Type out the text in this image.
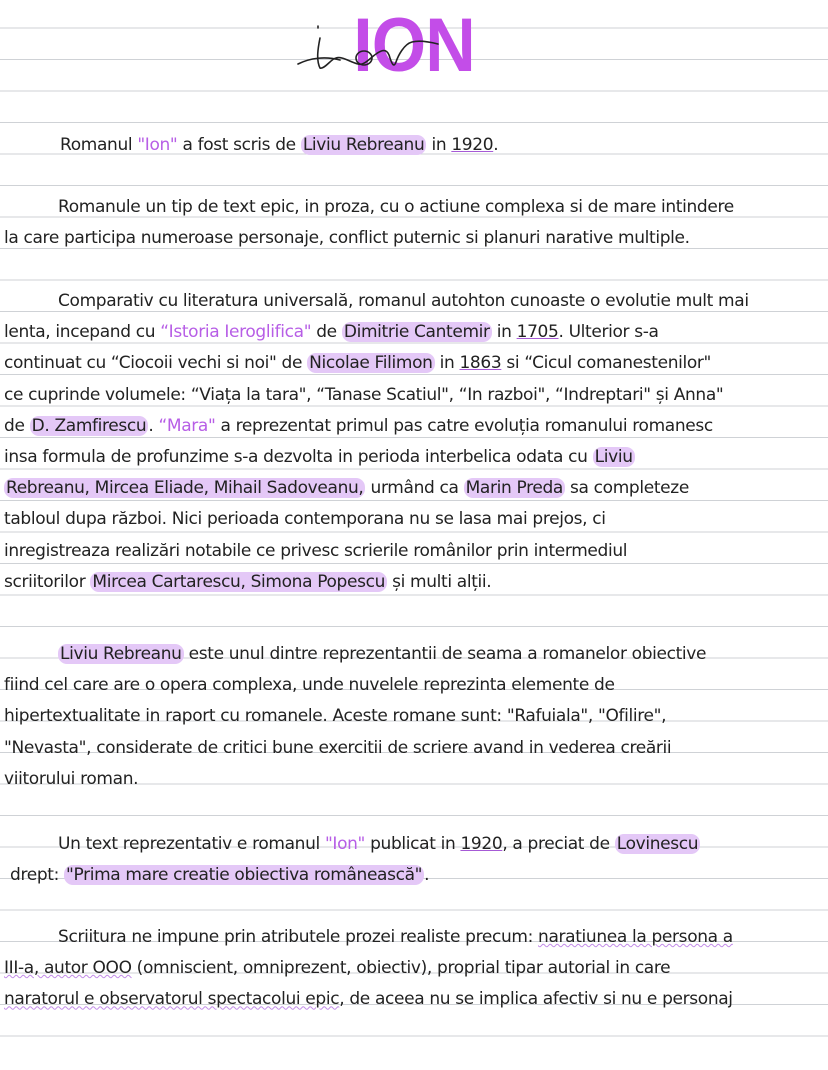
ION

Romanul "Ion" a fost scris de Liviu Rebreanu in 1920.

Romanule un tip de text epic, in proza, cu o actiune complexa si de mare intindere
la care participa numeroase personaje, conflict puternic si planuri narative multiple.

Comparativ cu literatura universală, romanul autohton cunoaste o evolutie mult mai
lenta, incepand cu “Istoria Ieroglifica" de Dimitrie Cantemir in 1705. Ulterior s-a
continuat cu “Ciocoii vechi si noi" de Nicolae Filimon in 1863 si “Cicul comanestenilor"
ce cuprinde volumele: “Viața la tara", “Tanase Scatiul", “In razboi", “Indreptari" și Anna"
de D. Zamfirescu . “Mara" a reprezentat primul pas catre evoluția romanului romanesc
insa formula de profunzime s-a dezvolta in perioda interbelica odata cu Liviu
Rebreanu, Mircea Eliade, Mihail Sadoveanu, urmând ca Marin Preda sa completeze
tabloul dupa război. Nici perioada contemporana nu se lasa mai prejos, ci
inregistreaza realizări notabile ce privesc scrierile românilor prin intermediul
scriitorilor Mircea Cartarescu, Simona Popescu și multi alții.

Liviu Rebreanu este unul dintre reprezentantii de seama a romanelor obiective
fiind cel care are o opera complexa, unde nuvelele reprezinta elemente de
hipertextualitate in raport cu romanele. Aceste romane sunt: "Rafuiala", "Ofilire",
"Nevasta", considerate de critici bune exercitii de scriere avand in vederea creării
viitorului roman.

Un text reprezentativ e romanul "Ion" publicat in 1920, a preciat de Lovinescu
drept: "Prima mare creatie obiectiva românească" .

Scriitura ne impune prin atributele prozei realiste precum: naratiunea la persona a
III-a, autor OOO (omniscient, omniprezent, obiectiv), proprial tipar autorial in care
naratorul e observatorul spectacolui epic, de aceea nu se implica afectiv si nu e personaj
